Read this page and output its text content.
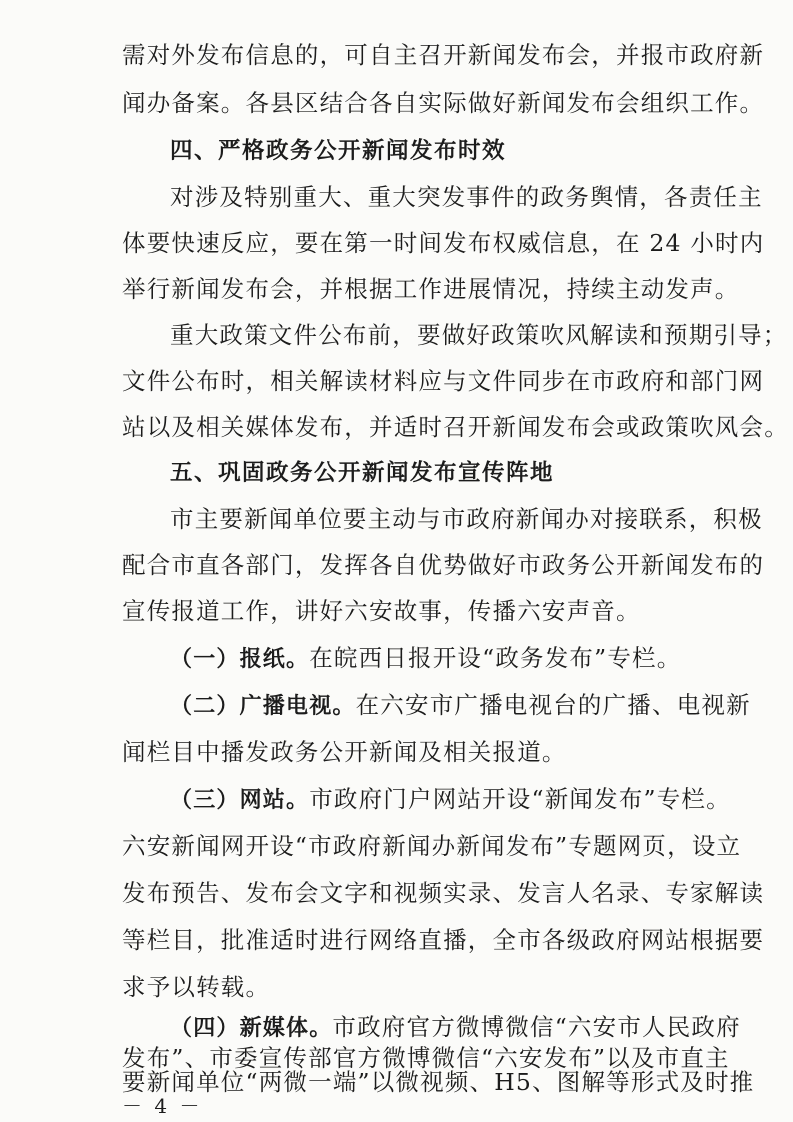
需对外发布信息的，可自主召开新闻发布会，并报市政府新
闻办备案。各县区结合各自实际做好新闻发布会组织工作。
四、严格政务公开新闻发布时效
对涉及特别重大、重大突发事件的政务舆情，各责任主
体要快速反应，要在第一时间发布权威信息，在 24 小时内
举行新闻发布会，并根据工作进展情况，持续主动发声。
重大政策文件公布前，要做好政策吹风解读和预期引导；
文件公布时，相关解读材料应与文件同步在市政府和部门网
站以及相关媒体发布，并适时召开新闻发布会或政策吹风会。
五、巩固政务公开新闻发布宣传阵地
市主要新闻单位要主动与市政府新闻办对接联系，积极
配合市直各部门，发挥各自优势做好市政务公开新闻发布的
宣传报道工作，讲好六安故事，传播六安声音。
（一）报纸。在皖西日报开设“政务发布”专栏。
（二）广播电视。在六安市广播电视台的广播、电视新
闻栏目中播发政务公开新闻及相关报道。
（三）网站。市政府门户网站开设“新闻发布”专栏。
六安新闻网开设“市政府新闻办新闻发布”专题网页，设立
发布预告、发布会文字和视频实录、发言人名录、专家解读
等栏目，批准适时进行网络直播，全市各级政府网站根据要
求予以转载。
（四）新媒体。市政府官方微博微信“六安市人民政府
发布”、市委宣传部官方微博微信“六安发布”以及市直主
要新闻单位“两微一端”以微视频、H5、图解等形式及时推
－ 4 －
